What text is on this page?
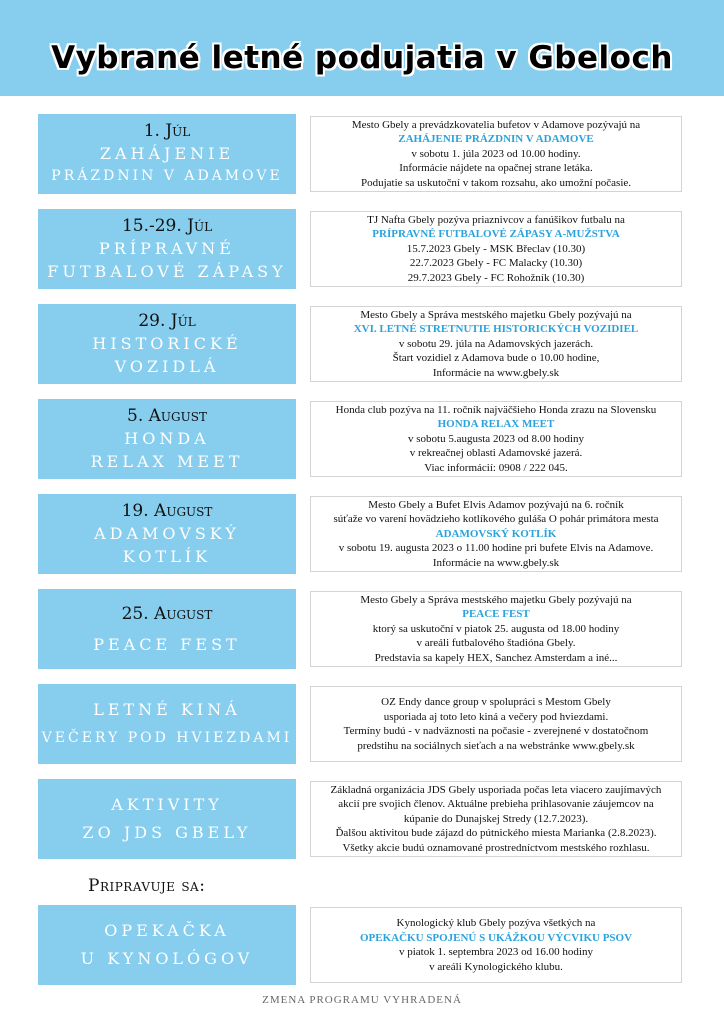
Vybrané letné podujatia v Gbeloch
1. Júl
ZAHÁJENIE
PRÁZDNIN V ADAMOVE
Mesto Gbely a prevádzkovatelia bufetov v Adamove pozývajú na
ZAHÁJENIE PRÁZDNIN V ADAMOVE
v sobotu 1. júla 2023 od 10.00 hodiny.
Informácie nájdete na opačnej strane letáka.
Podujatie sa uskutoční v takom rozsahu, ako umožní počasie.
15.-29. Júl
PRÍPRAVNÉ
FUTBALOVÉ ZÁPASY
TJ Nafta Gbely pozýva priaznivcov a fanúšikov futbalu na
PRÍPRAVNÉ FUTBALOVÉ ZÁPASY A-MUŽSTVA
15.7.2023 Gbely - MSK Břeclav (10.30)
22.7.2023 Gbely - FC Malacky (10.30)
29.7.2023 Gbely - FC Rohožník (10.30)
29. Júl
HISTORICKÉ
VOZIDLÁ
Mesto Gbely a Správa mestského majetku Gbely pozývajú na
XVI. LETNÉ STRETNUTIE HISTORICKÝCH VOZIDIEL
v sobotu 29. júla na Adamovských jazerách.
Štart vozidiel z Adamova bude o 10.00 hodine,
Informácie na www.gbely.sk
5. August
HONDA
RELAX MEET
Honda club pozýva na 11. ročník najväčšieho Honda zrazu na Slovensku
HONDA RELAX MEET
v sobotu 5.augusta 2023 od 8.00 hodiny
v rekreačnej oblasti Adamovské jazerá.
Viac informácií: 0908 / 222 045.
19. August
ADAMOVSKÝ
KOTLÍK
Mesto Gbely a Bufet Elvis Adamov pozývajú na 6. ročník
súťaže vo varení hovädzieho kotlíkového guláša O pohár primátora mesta
ADAMOVSKÝ KOTLÍK
v sobotu 19. augusta 2023 o 11.00 hodine pri bufete Elvis na Adamove.
Informácie na www.gbely.sk
25. August
PEACE FEST
Mesto Gbely a Správa mestského majetku Gbely pozývajú na
PEACE FEST
ktorý sa uskutoční v piatok 25. augusta od 18.00 hodiny
v areáli futbalového štadióna Gbely.
Predstavia sa kapely HEX, Sanchez Amsterdam a iné...
LETNÉ KINÁ
VEČERY POD HVIEZDAMI
OZ Endy dance group v spolupráci s Mestom Gbely
usporiada aj toto leto kiná a večery pod hviezdami.
Termíny budú - v nadväznosti na počasie - zverejnené v dostatočnom
predstihu na sociálnych sieťach a na webstránke www.gbely.sk
AKTIVITY
ZO JDS GBELY
Základná organizácia JDS Gbely usporiada počas leta viacero zaujímavých
akcií pre svojich členov. Aktuálne prebieha prihlasovanie záujemcov na
kúpanie do Dunajskej Stredy (12.7.2023).
Ďalšou aktivitou bude zájazd do pútnického miesta Marianka (2.8.2023).
Všetky akcie budú oznamované prostredníctvom mestského rozhlasu.
OPEKAČKA
U KYNOLÓGOV
Kynologický klub Gbely pozýva všetkých na
OPEKAČKU SPOJENÚ S UKÁŽKOU VÝCVIKU PSOV
v piatok 1. septembra 2023 od 16.00 hodiny
v areáli Kynologického klubu.
Pripravuje sa:
ZMENA PROGRAMU VYHRADENÁ
